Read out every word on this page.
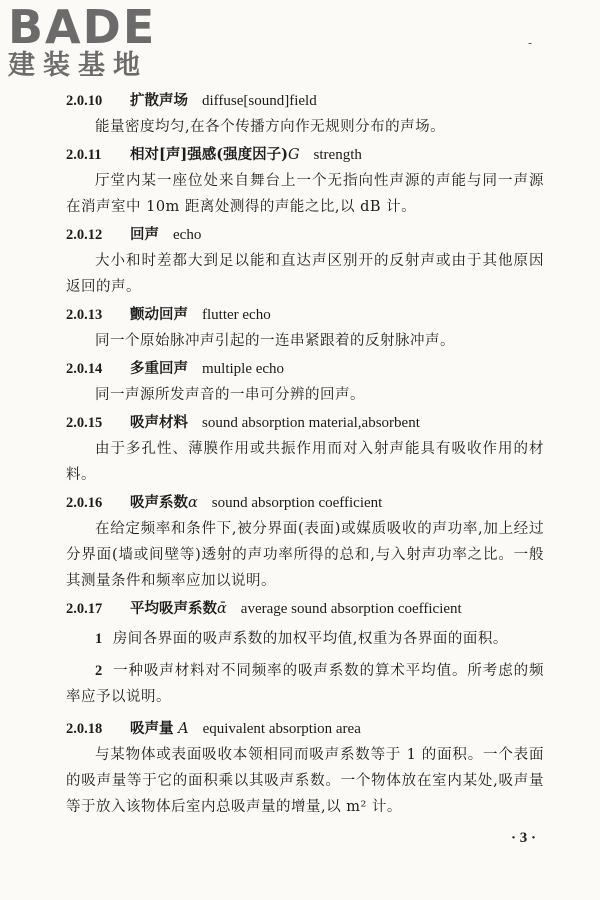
BADE
建装基地
-

2.0.10 扩散声场 diffuse[sound]field

能量密度均匀,在各个传播方向作无规则分布的声场。

2.0.11 相对[声]强感(强度因子)G strength

厅堂内某一座位处来自舞台上一个无指向性声源的声能与同一声源在消声室中 10m 距离处测得的声能之比,以 dB 计。

2.0.12 回声 echo

大小和时差都大到足以能和直达声区别开的反射声或由于其他原因返回的声。

2.0.13 颤动回声 flutter echo

同一个原始脉冲声引起的一连串紧跟着的反射脉冲声。

2.0.14 多重回声 multiple echo

同一声源所发声音的一串可分辨的回声。

2.0.15 吸声材料 sound absorption material,absorbent

由于多孔性、薄膜作用或共振作用而对入射声能具有吸收作用的材料。

2.0.16 吸声系数α sound absorption coefficient

在给定频率和条件下,被分界面(表面)或媒质吸收的声功率,加上经过分界面(墙或间壁等)透射的声功率所得的总和,与入射声功率之比。一般其测量条件和频率应加以说明。

2.0.17 平均吸声系数ᾱ average sound absorption coefficient

1 房间各界面的吸声系数的加权平均值,权重为各界面的面积。

2 一种吸声材料对不同频率的吸声系数的算术平均值。所考虑的频率应予以说明。

2.0.18 吸声量 A equivalent absorption area

与某物体或表面吸收本领相同而吸声系数等于 1 的面积。一个表面的吸声量等于它的面积乘以其吸声系数。一个物体放在室内某处,吸声量等于放入该物体后室内总吸声量的增量,以 m² 计。

· 3 ·
